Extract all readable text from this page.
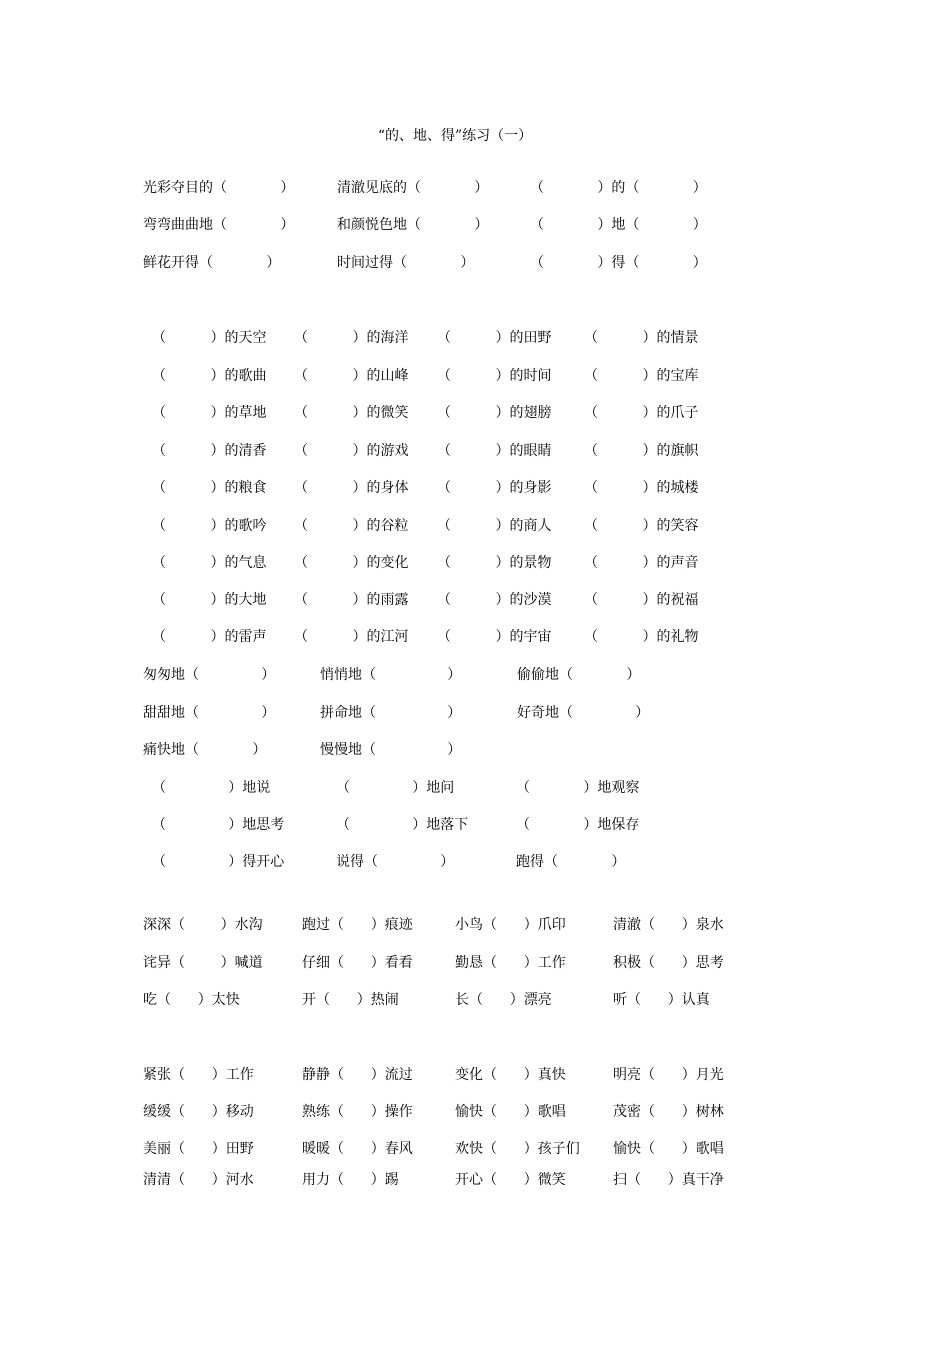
“的、地、得”练习（一）
光彩夺目的（            ）	清澈见底的（            ）	（            ）的（            ）
弯弯曲曲地（            ）	和颜悦色地（            ）	（            ）地（            ）
鲜花开得（            ）	时间过得（            ）	（            ）得（            ）
（          ）的天空 （          ）的海洋 （          ）的田野 （          ）的情景
（          ）的歌曲 （          ）的山峰 （          ）的时间 （          ）的宝库
（          ）的草地 （          ）的微笑 （          ）的翅膀 （          ）的爪子
（          ）的清香 （          ）的游戏 （          ）的眼睛 （          ）的旗帜
（          ）的粮食 （          ）的身体 （          ）的身影 （          ）的城楼
（          ）的歌吟 （          ）的谷粒 （          ）的商人 （          ）的笑容
（          ）的气息 （          ）的变化 （          ）的景物 （          ）的声音
（          ）的大地 （          ）的雨露 （          ）的沙漠 （          ）的祝福
（          ）的雷声 （          ）的江河 （          ）的宇宙 （          ）的礼物
匆匆地（              ）	悄悄地（                ）	偷偷地（            ）
甜甜地（              ）	拼命地（                ）	好奇地（              ）
痛快地（            ）	慢慢地（                ）
（              ）地说	（              ）地问	（            ）地观察
（              ）地思考	（              ）地落下	（            ）地保存
（              ）得开心	说得（              ）	跑得（            ）
深深（        ）水沟	跑过（      ）痕迹	小鸟（      ）爪印	清澈（      ）泉水
诧异（        ）喊道	仔细（      ）看看	勤恳（      ）工作	积极（      ）思考
吃（      ）太快	开（      ）热闹	长（      ）漂亮	听（      ）认真
紧张（      ）工作	静静（      ）流过	变化（      ）真快	明亮（      ）月光
缓缓（      ）移动	熟练（      ）操作	愉快（      ）歌唱	茂密（      ）树林
美丽（      ）田野	暖暖（      ）春风	欢快（      ）孩子们 愉快（      ）歌唱
清清（      ）河水	用力（      ）踢	开心（      ）微笑	扫（      ）真干净
